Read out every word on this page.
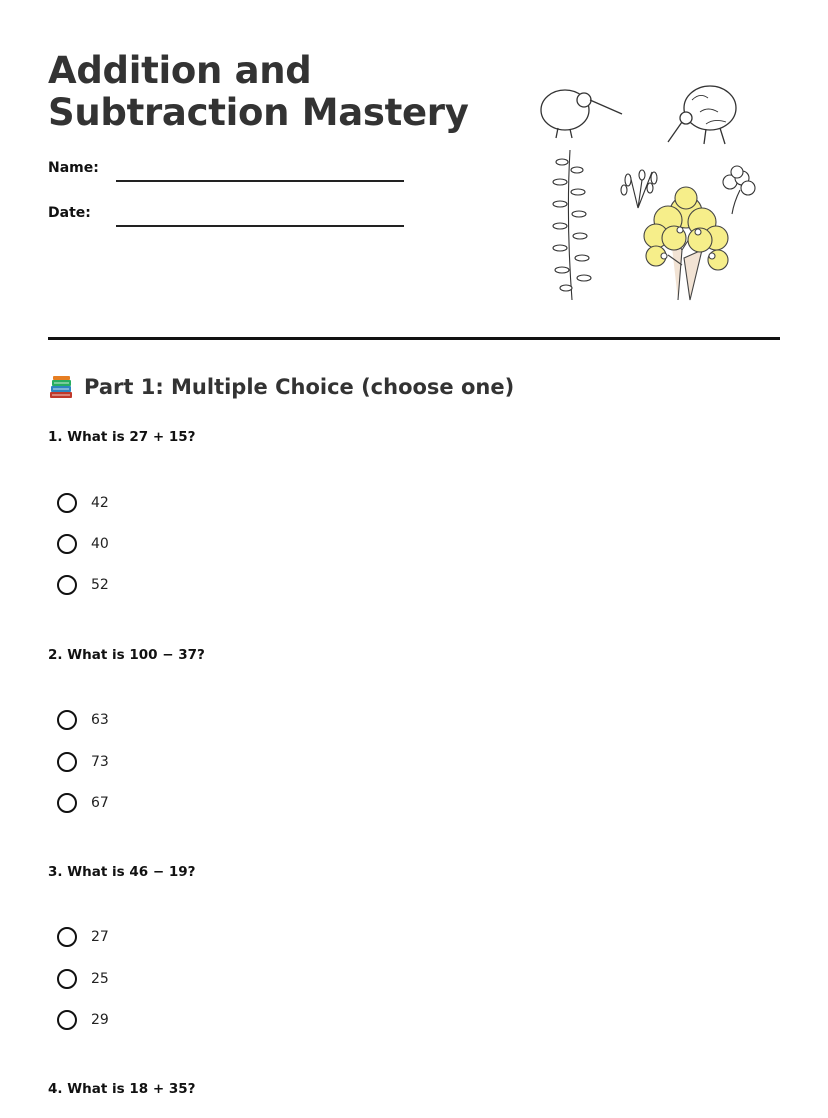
Addition and
Subtraction Mastery
Name:
Date:
Part 1: Multiple Choice (choose one)

1. What is 27 + 15?

42
40
52

2. What is 100 − 37?

63
73
67

3. What is 46 − 19?

27
25
29

4. What is 18 + 35?
